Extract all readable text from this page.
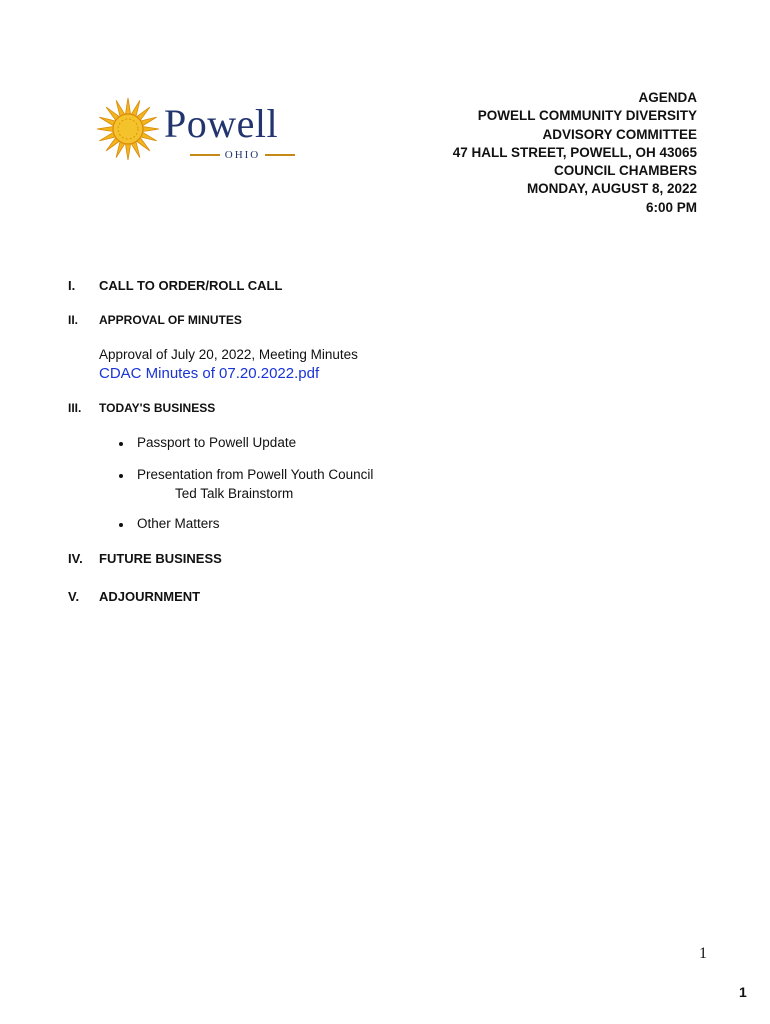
Powell
OHIO
AGENDA
POWELL COMMUNITY DIVERSITY
ADVISORY COMMITTEE
47 HALL STREET, POWELL, OH 43065
COUNCIL CHAMBERS
MONDAY, AUGUST 8, 2022
6:00 PM
I. CALL TO ORDER/ROLL CALL
II. APPROVAL OF MINUTES
Approval of July 20, 2022, Meeting Minutes
CDAC Minutes of 07.20.2022.pdf
III. TODAY'S BUSINESS
Passport to Powell Update
Presentation from Powell Youth Council
Ted Talk Brainstorm
Other Matters
IV. FUTURE BUSINESS
V. ADJOURNMENT
1
1
